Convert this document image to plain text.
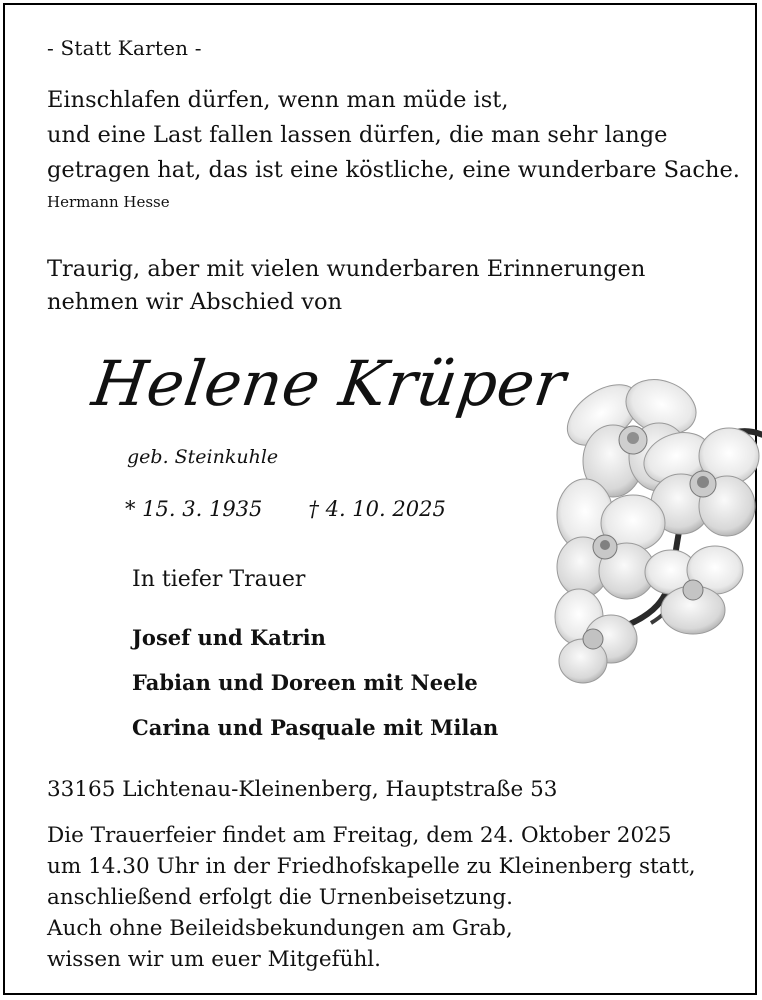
- Statt Karten -
Einschlafen dürfen, wenn man müde ist,
und eine Last fallen lassen dürfen, die man sehr lange
getragen hat, das ist eine köstliche, eine wunderbare Sache.
Hermann Hesse
Traurig, aber mit vielen wunderbaren Erinnerungen
nehmen wir Abschied von
Helene Krüper
geb. Steinkuhle
* 15. 3. 1935 † 4. 10. 2025
In tiefer Trauer
Josef und Katrin
Fabian und Doreen mit Neele
Carina und Pasquale mit Milan
33165 Lichtenau-Kleinenberg, Hauptstraße 53
Die Trauerfeier findet am Freitag, dem 24. Oktober 2025
um 14.30 Uhr in der Friedhofskapelle zu Kleinenberg statt,
anschließend erfolgt die Urnenbeisetzung.
Auch ohne Beileidsbekundungen am Grab,
wissen wir um euer Mitgefühl.
